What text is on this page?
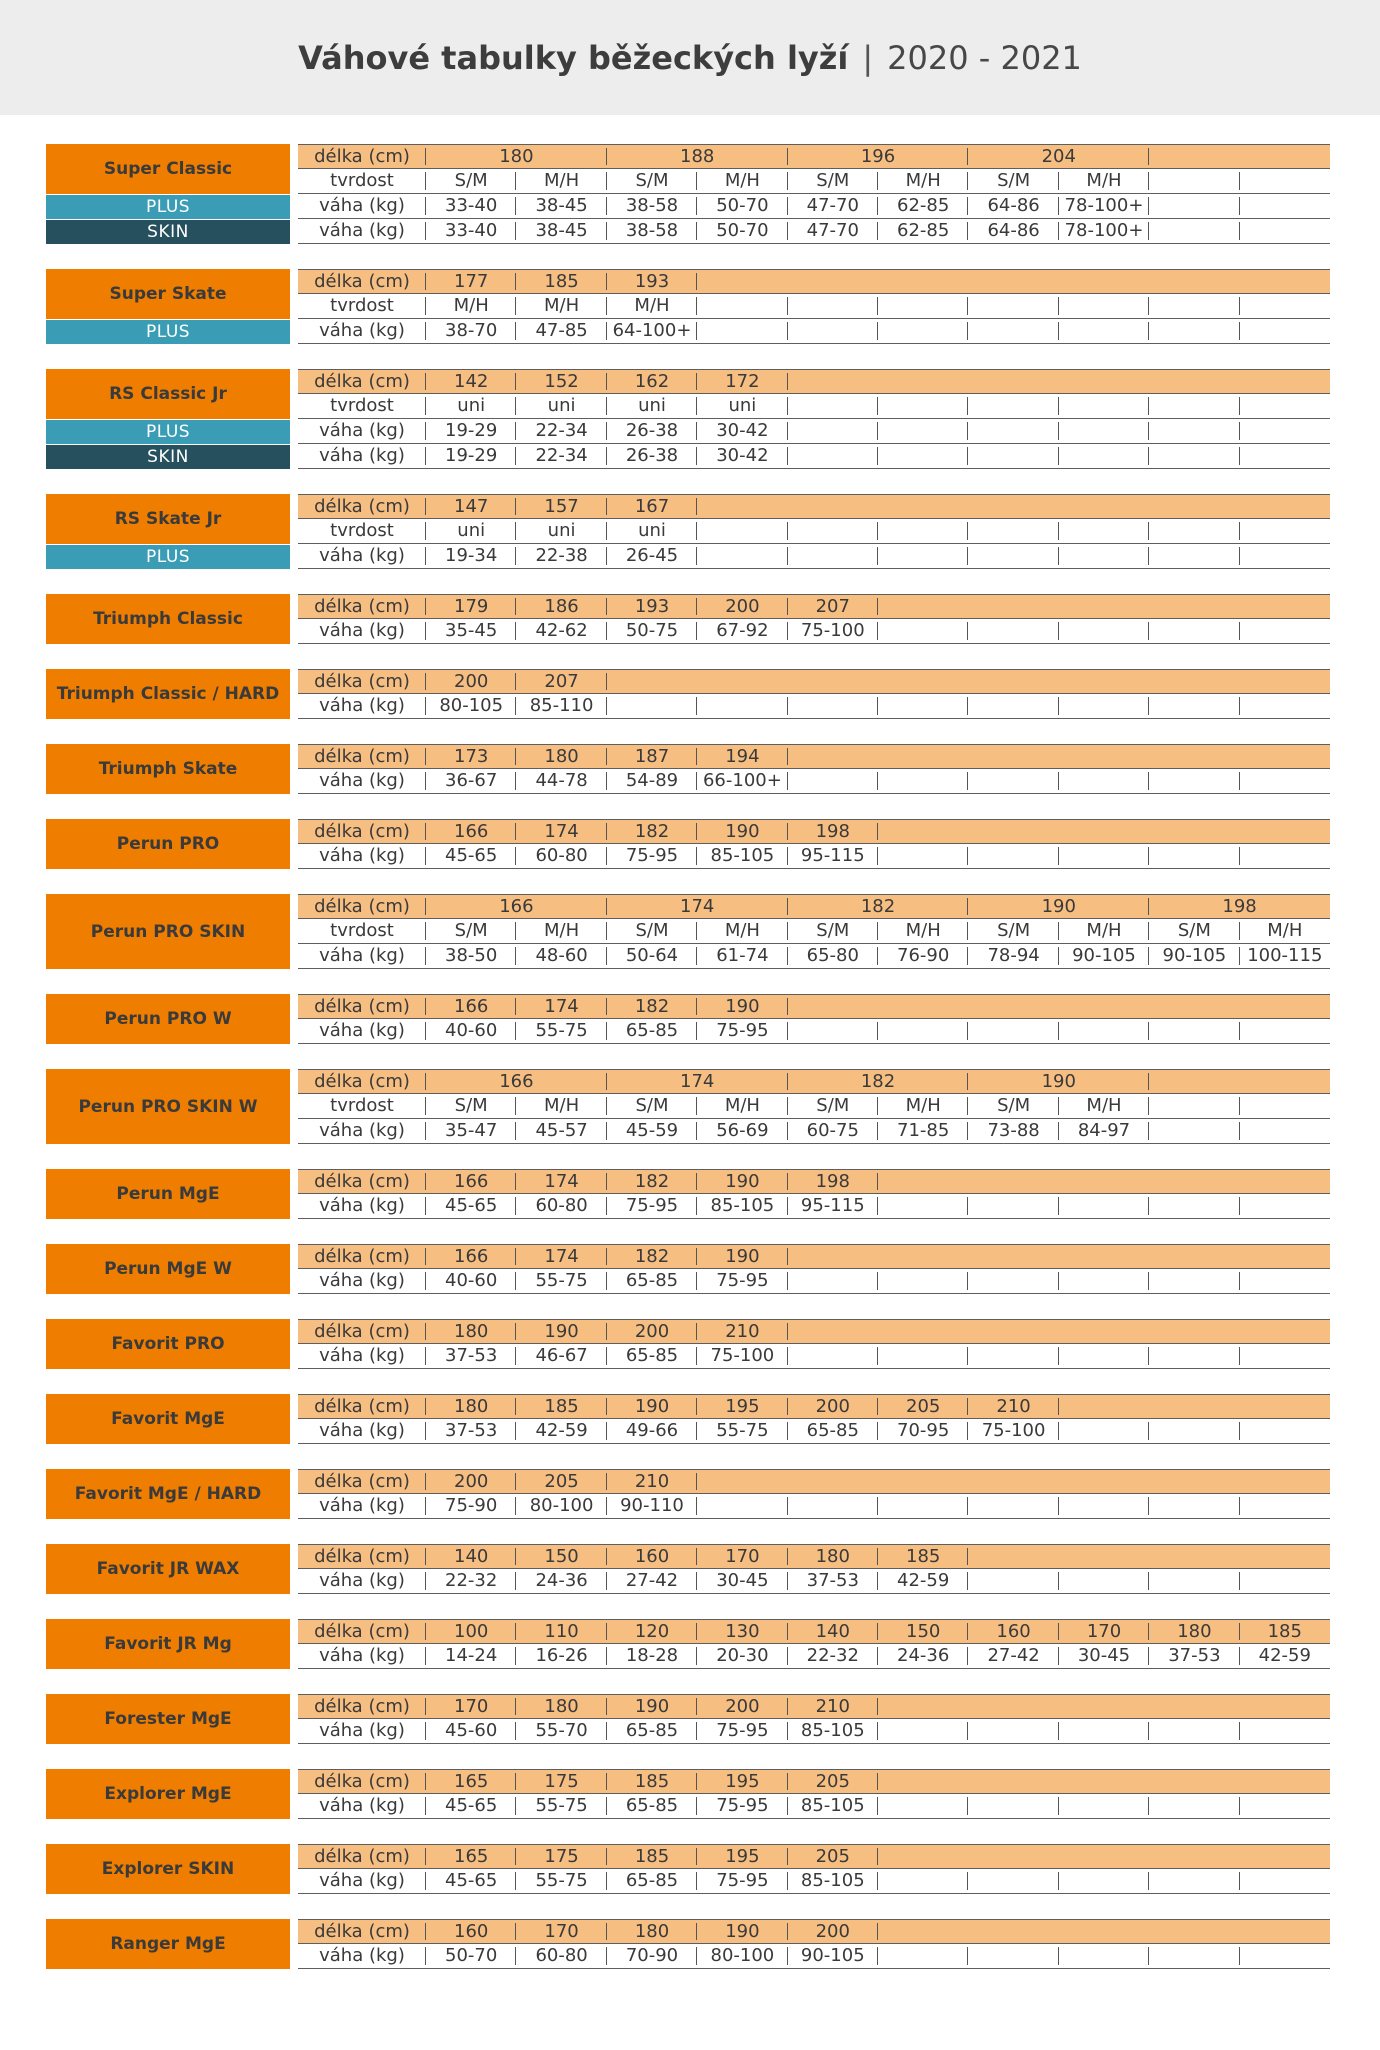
Váhové tabulky běžeckých lyží | 2020 - 2021
Super Classic
PLUS
SKIN
délka (cm)	180	188	196	204
tvrdost	S/M	M/H	S/M	M/H	S/M	M/H	S/M	M/H
váha (kg)	33-40	38-45	38-58	50-70	47-70	62-85	64-86	78-100+
váha (kg)	33-40	38-45	38-58	50-70	47-70	62-85	64-86	78-100+
Super Skate
PLUS
délka (cm)	177	185	193
tvrdost	M/H	M/H	M/H
váha (kg)	38-70	47-85	64-100+
RS Classic Jr
PLUS
SKIN
délka (cm)	142	152	162	172
tvrdost	uni	uni	uni	uni
váha (kg)	19-29	22-34	26-38	30-42
váha (kg)	19-29	22-34	26-38	30-42
RS Skate Jr
PLUS
délka (cm)	147	157	167
tvrdost	uni	uni	uni
váha (kg)	19-34	22-38	26-45
Triumph Classic
délka (cm)	179	186	193	200	207
váha (kg)	35-45	42-62	50-75	67-92	75-100
Triumph Classic / HARD
délka (cm)	200	207
váha (kg)	80-105	85-110
Triumph Skate
délka (cm)	173	180	187	194
váha (kg)	36-67	44-78	54-89	66-100+
Perun PRO
délka (cm)	166	174	182	190	198
váha (kg)	45-65	60-80	75-95	85-105	95-115
Perun PRO SKIN
délka (cm)	166	174	182	190	198
tvrdost	S/M	M/H	S/M	M/H	S/M	M/H	S/M	M/H	S/M	M/H
váha (kg)	38-50	48-60	50-64	61-74	65-80	76-90	78-94	90-105	90-105	100-115
Perun PRO W
délka (cm)	166	174	182	190
váha (kg)	40-60	55-75	65-85	75-95
Perun PRO SKIN W
délka (cm)	166	174	182	190
tvrdost	S/M	M/H	S/M	M/H	S/M	M/H	S/M	M/H
váha (kg)	35-47	45-57	45-59	56-69	60-75	71-85	73-88	84-97
Perun MgE
délka (cm)	166	174	182	190	198
váha (kg)	45-65	60-80	75-95	85-105	95-115
Perun MgE W
délka (cm)	166	174	182	190
váha (kg)	40-60	55-75	65-85	75-95
Favorit PRO
délka (cm)	180	190	200	210
váha (kg)	37-53	46-67	65-85	75-100
Favorit MgE
délka (cm)	180	185	190	195	200	205	210
váha (kg)	37-53	42-59	49-66	55-75	65-85	70-95	75-100
Favorit MgE / HARD
délka (cm)	200	205	210
váha (kg)	75-90	80-100	90-110
Favorit JR WAX
délka (cm)	140	150	160	170	180	185
váha (kg)	22-32	24-36	27-42	30-45	37-53	42-59
Favorit JR Mg
délka (cm)	100	110	120	130	140	150	160	170	180	185
váha (kg)	14-24	16-26	18-28	20-30	22-32	24-36	27-42	30-45	37-53	42-59
Forester MgE
délka (cm)	170	180	190	200	210
váha (kg)	45-60	55-70	65-85	75-95	85-105
Explorer MgE
délka (cm)	165	175	185	195	205
váha (kg)	45-65	55-75	65-85	75-95	85-105
Explorer SKIN
délka (cm)	165	175	185	195	205
váha (kg)	45-65	55-75	65-85	75-95	85-105
Ranger MgE
délka (cm)	160	170	180	190	200
váha (kg)	50-70	60-80	70-90	80-100	90-105
